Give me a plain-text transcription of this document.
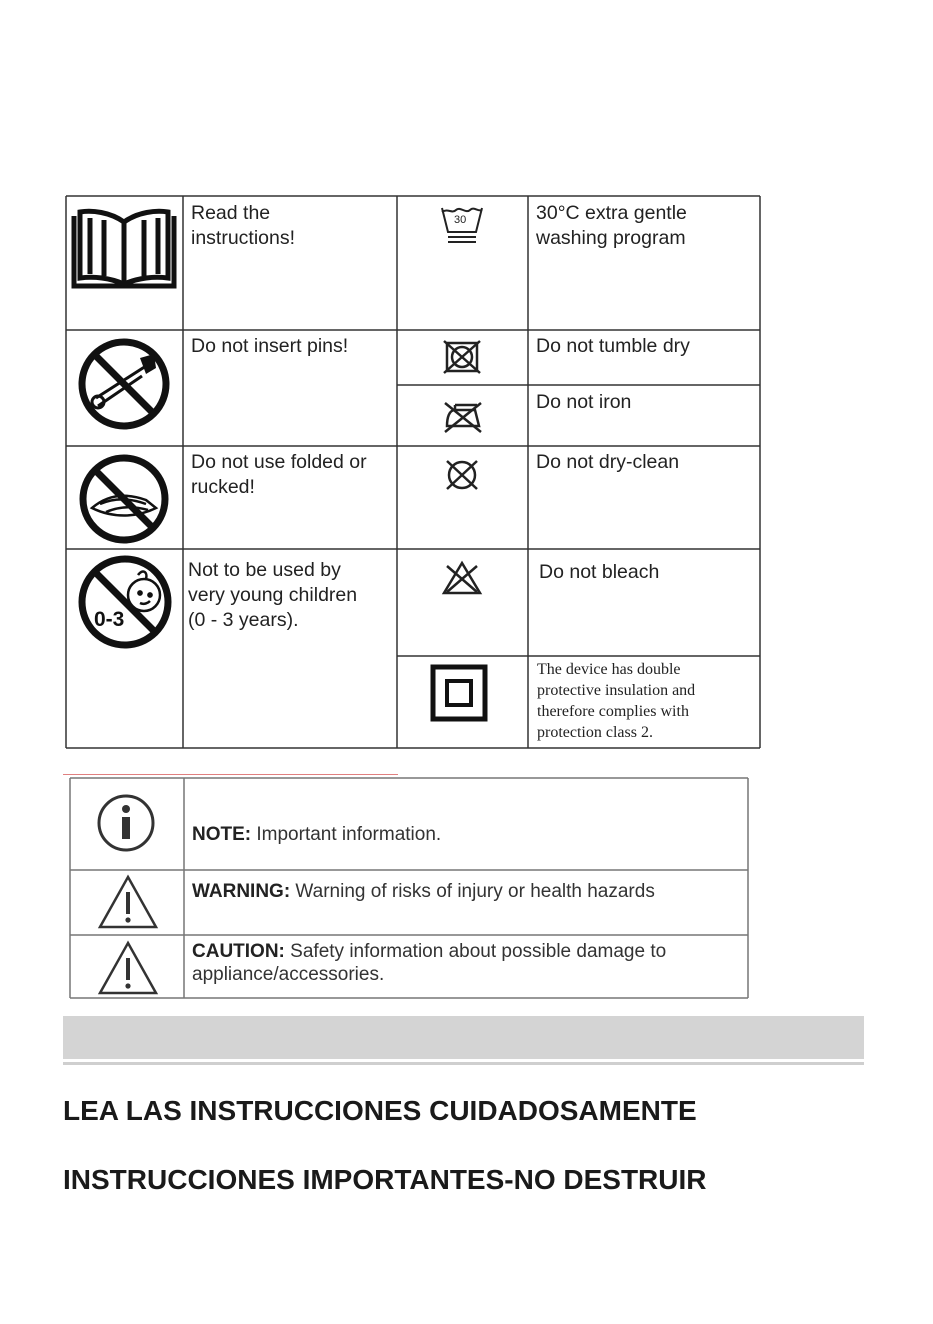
Read the
instructions!
Do not insert pins!
Do not use folded or
rucked!
0-3
Not to be used by
very young children
(0 - 3 years).
30	30°C extra gentle
washing program
Do not tumble dry
Do not iron
Do not dry-clean
Do not bleach
The device has double
protective insulation and
therefore complies with
protection class 2.
NOTE: Important information.
WARNING: Warning of risks of injury or health hazards
CAUTION: Safety information about possible damage to
appliance/accessories.
LEA LAS INSTRUCCIONES CUIDADOSAMENTE
INSTRUCCIONES IMPORTANTES-NO DESTRUIR
